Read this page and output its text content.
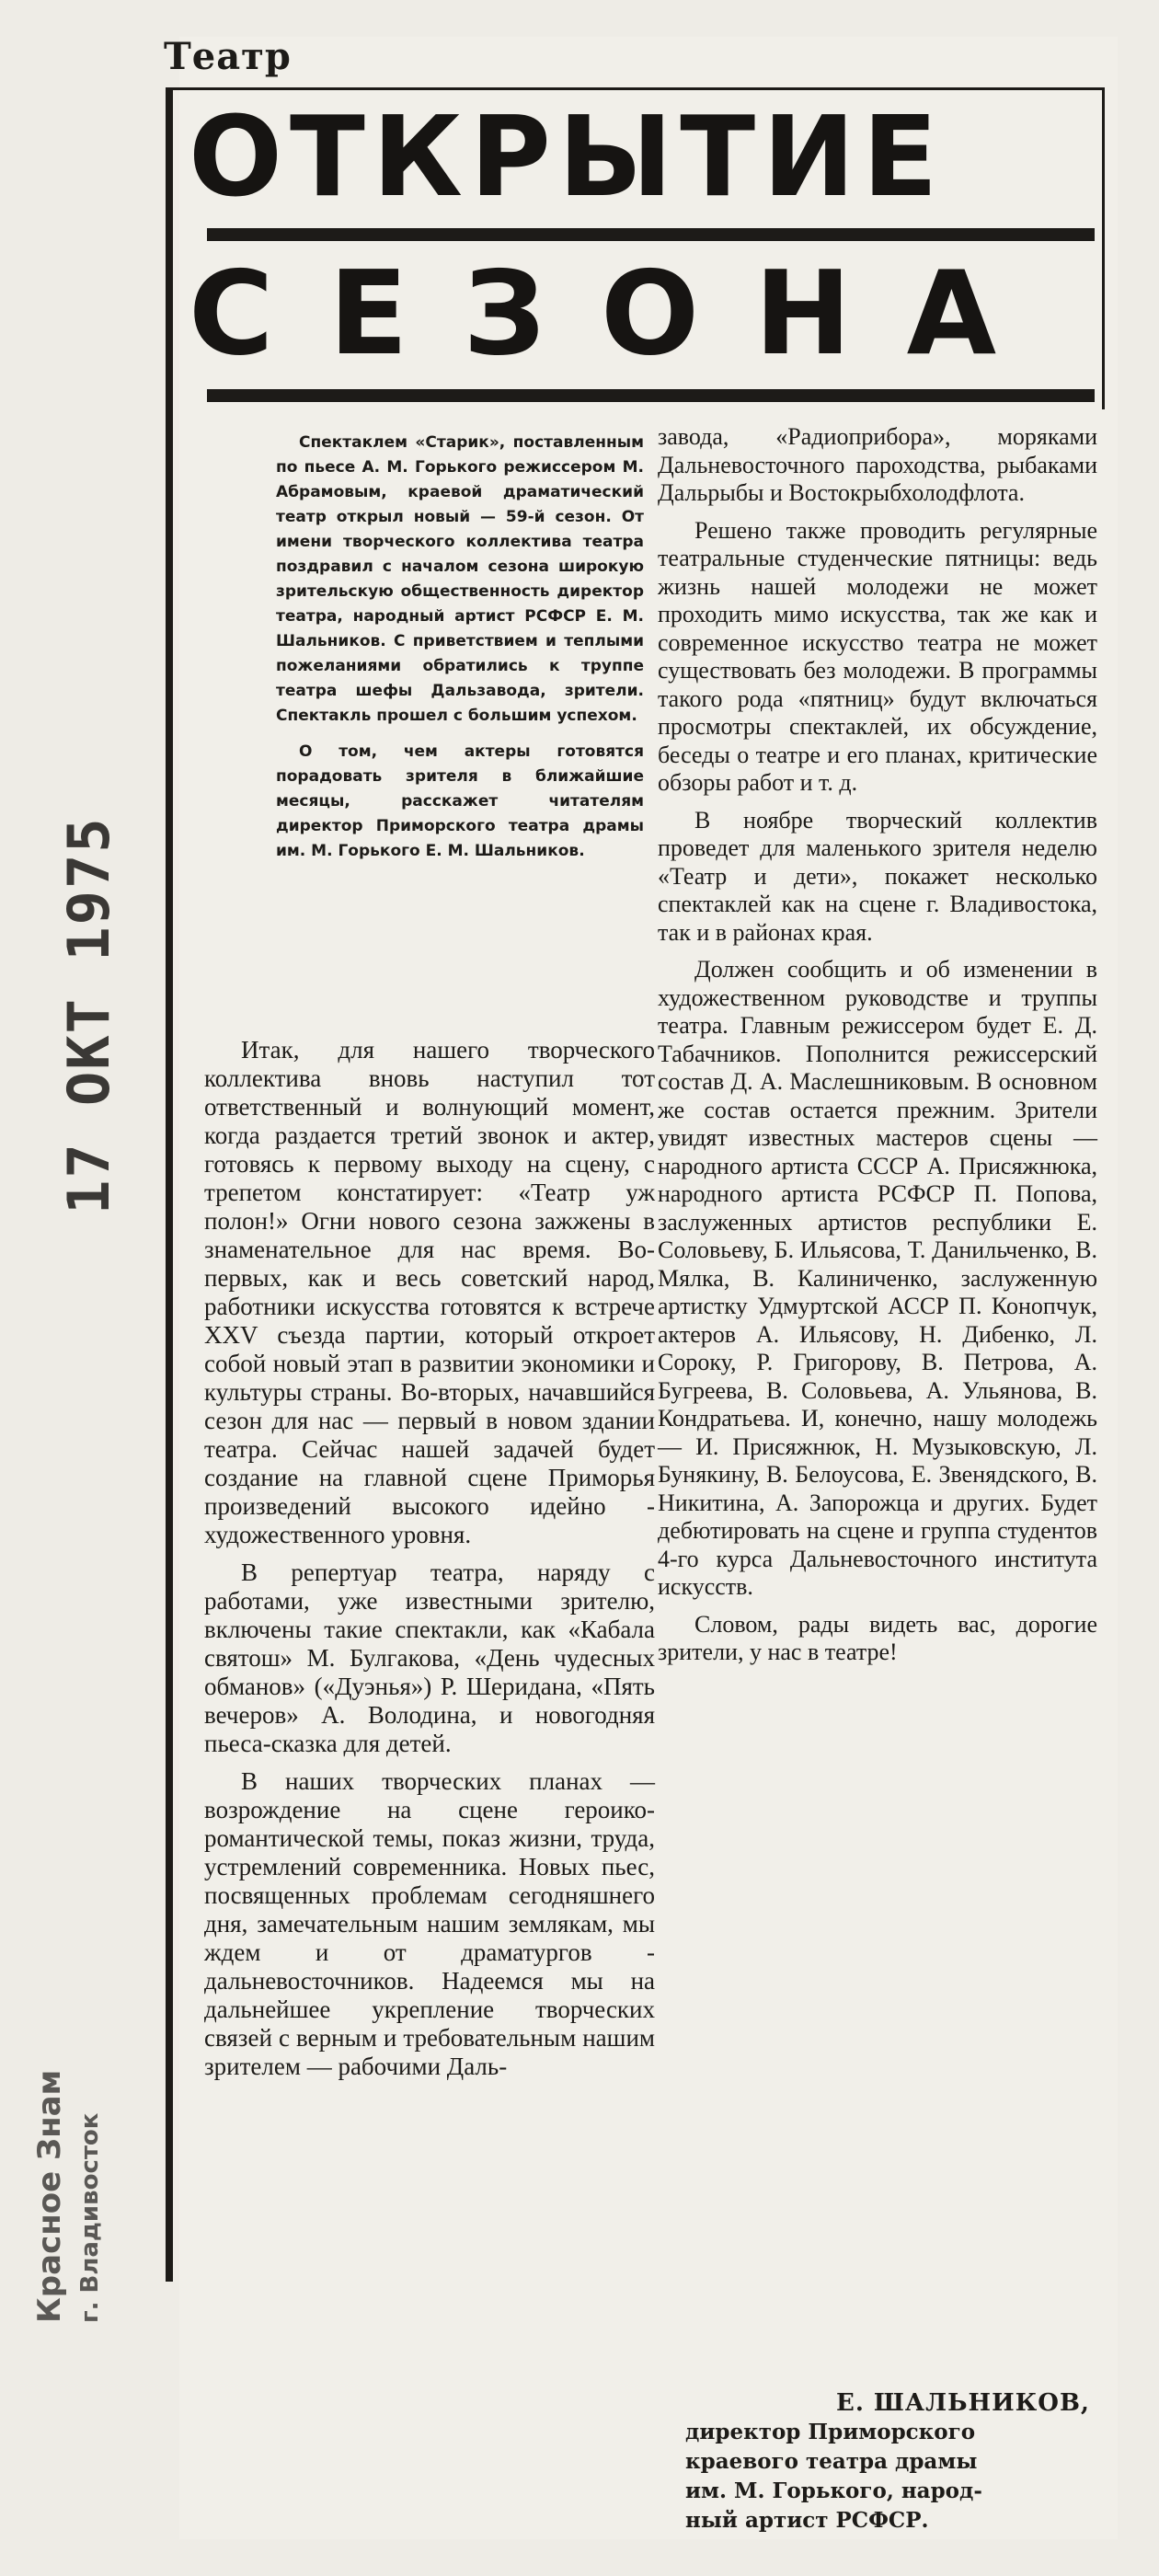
17 ОКТ 1975
Красное Знам г. Владивосток
Театр
ОТКРЫТИЕ
СЕЗОНА

Спектаклем «Старик», поставленным по пьесе А. М. Горького режиссером М. Абрамовым, краевой драматический театр открыл новый — 59-й сезон. От имени творческого коллектива театра поздравил с началом сезона широкую зрительскую общественность директор театра, народный артист РСФСР Е. М. Шальников. С приветствием и теплыми пожеланиями обратились к труппе театра шефы Дальзавода, зрители. Спектакль прошел с большим успехом.

О том, чем актеры готовятся порадовать зрителя в ближайшие месяцы, расскажет читателям директор Приморского театра драмы им. М. Горького Е. М. Шальников.

Итак, для нашего творческого коллектива вновь наступил тот ответственный и волнующий момент, когда раздается третий звонок и актер, готовясь к первому выходу на сцену, с трепетом констатирует: «Театр уж полон!» Огни нового сезона зажжены в знаменательное для нас время. Во-первых, как и весь советский народ, работники искусства готовятся к встрече XXV съезда партии, который откроет собой новый этап в развитии экономики и культуры страны. Во-вторых, начавшийся сезон для нас — первый в новом здании театра. Сейчас нашей задачей будет создание на главной сцене Приморья произведений высокого идейно - художественного уровня.

В репертуар театра, наряду с работами, уже известными зрителю, включены такие спектакли, как «Кабала святош» М. Булгакова, «День чудесных обманов» («Дуэнья») Р. Шеридана, «Пять вечеров» А. Володина, и новогодняя пьеса-сказка для детей.

В наших творческих планах — возрождение на сцене героико-романтической темы, показ жизни, труда, устремлений современника. Новых пьес, посвященных проблемам сегодняшнего дня, замечательным нашим землякам, мы ждем и от драматургов - дальневосточников. Надеемся мы на дальнейшее укрепление творческих связей с верным и требовательным нашим зрителем — рабочими Даль-

завода, «Радиоприбора», моряками Дальневосточного пароходства, рыбаками Дальрыбы и Востокрыбхолодфлота.

Решено также проводить регулярные театральные студенческие пятницы: ведь жизнь нашей молодежи не может проходить мимо искусства, так же как и современное искусство театра не может существовать без молодежи. В программы такого рода «пятниц» будут включаться просмотры спектаклей, их обсуждение, беседы о театре и его планах, критические обзоры работ и т. д.

В ноябре творческий коллектив проведет для маленького зрителя неделю «Театр и дети», покажет несколько спектаклей как на сцене г. Владивостока, так и в районах края.

Должен сообщить и об изменении в художественном руководстве и труппы театра. Главным режиссером будет Е. Д. Табачников. Пополнится режиссерский состав Д. А. Маслешниковым. В основном же состав остается прежним. Зрители увидят известных мастеров сцены — народного артиста СССР А. Присяжнюка, народного артиста РСФСР П. Попова, заслуженных артистов республики Е. Соловьеву, Б. Ильясова, Т. Данильченко, В. Мялка, В. Калиниченко, заслуженную артистку Удмуртской АССР П. Конопчук, актеров А. Ильясову, Н. Дибенко, Л. Сороку, Р. Григорову, В. Петрова, А. Бугреева, В. Соловьева, А. Ульянова, В. Кондратьева. И, конечно, нашу молодежь — И. Присяжнюк, Н. Музыковскую, Л. Бунякину, В. Белоусова, Е. Звенядского, В. Никитина, А. Запорожца и других. Будет дебютировать на сцене и группа студентов 4-го курса Дальневосточного института искусств.

Словом, рады видеть вас, дорогие зрители, у нас в театре!

Е. ШАЛЬНИКОВ,
директор Приморского
краевого театра драмы
им. М. Горького, народ-
ный артист РСФСР.
